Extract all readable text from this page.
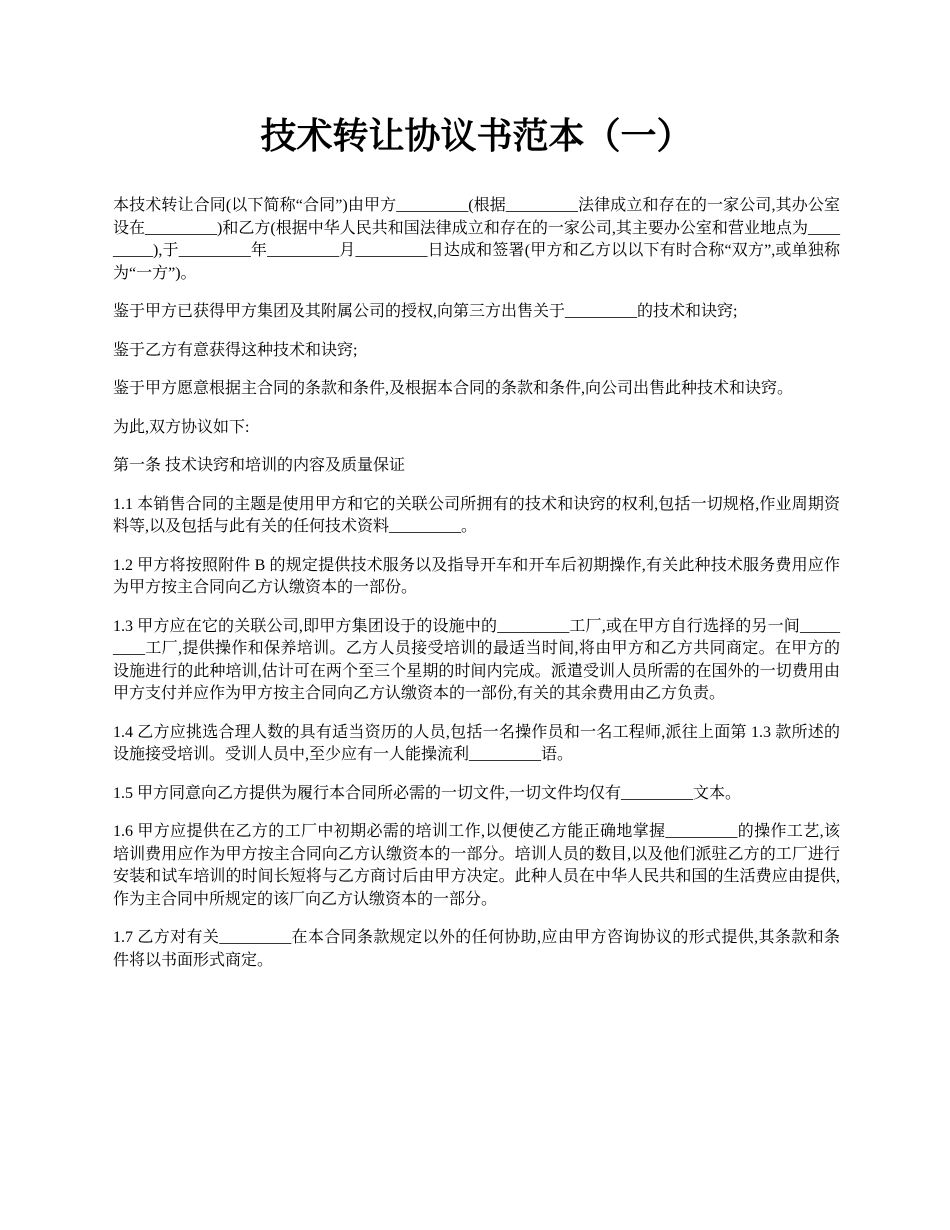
技术转让协议书范本（一）

本技术转让合同(以下简称“合同”)由甲方_________(根据_________法律成立和存在的一家公司,其办公室设在_________)和乙方(根据中华人民共和国法律成立和存在的一家公司,其主要办公室和营业地点为_________),于_________年_________月_________日达成和签署(甲方和乙方以以下有时合称“双方”,或单独称为“一方”)。

鉴于甲方已获得甲方集团及其附属公司的授权,向第三方出售关于_________的技术和诀窍;

鉴于乙方有意获得这种技术和诀窍;

鉴于甲方愿意根据主合同的条款和条件,及根据本合同的条款和条件,向公司出售此种技术和诀窍。

为此,双方协议如下:

第一条 技术诀窍和培训的内容及质量保证

1.1 本销售合同的主题是使用甲方和它的关联公司所拥有的技术和诀窍的权利,包括一切规格,作业周期资料等,以及包括与此有关的任何技术资料_________。

1.2 甲方将按照附件 B 的规定提供技术服务以及指导开车和开车后初期操作,有关此种技术服务费用应作为甲方按主合同向乙方认缴资本的一部份。

1.3 甲方应在它的关联公司,即甲方集团设于的设施中的_________工厂,或在甲方自行选择的另一间_________工厂,提供操作和保养培训。乙方人员接受培训的最适当时间,将由甲方和乙方共同商定。在甲方的设施进行的此种培训,估计可在两个至三个星期的时间内完成。派遣受训人员所需的在国外的一切费用由甲方支付并应作为甲方按主合同向乙方认缴资本的一部份,有关的其余费用由乙方负责。

1.4 乙方应挑选合理人数的具有适当资历的人员,包括一名操作员和一名工程师,派往上面第 1.3 款所述的设施接受培训。受训人员中,至少应有一人能操流利_________语。

1.5 甲方同意向乙方提供为履行本合同所必需的一切文件,一切文件均仅有_________文本。

1.6 甲方应提供在乙方的工厂中初期必需的培训工作,以便使乙方能正确地掌握_________的操作工艺,该培训费用应作为甲方按主合同向乙方认缴资本的一部分。培训人员的数目,以及他们派驻乙方的工厂进行安装和试车培训的时间长短将与乙方商讨后由甲方决定。此种人员在中华人民共和国的生活费应由提供,作为主合同中所规定的该厂向乙方认缴资本的一部分。

1.7 乙方对有关_________在本合同条款规定以外的任何协助,应由甲方咨询协议的形式提供,其条款和条件将以书面形式商定。
